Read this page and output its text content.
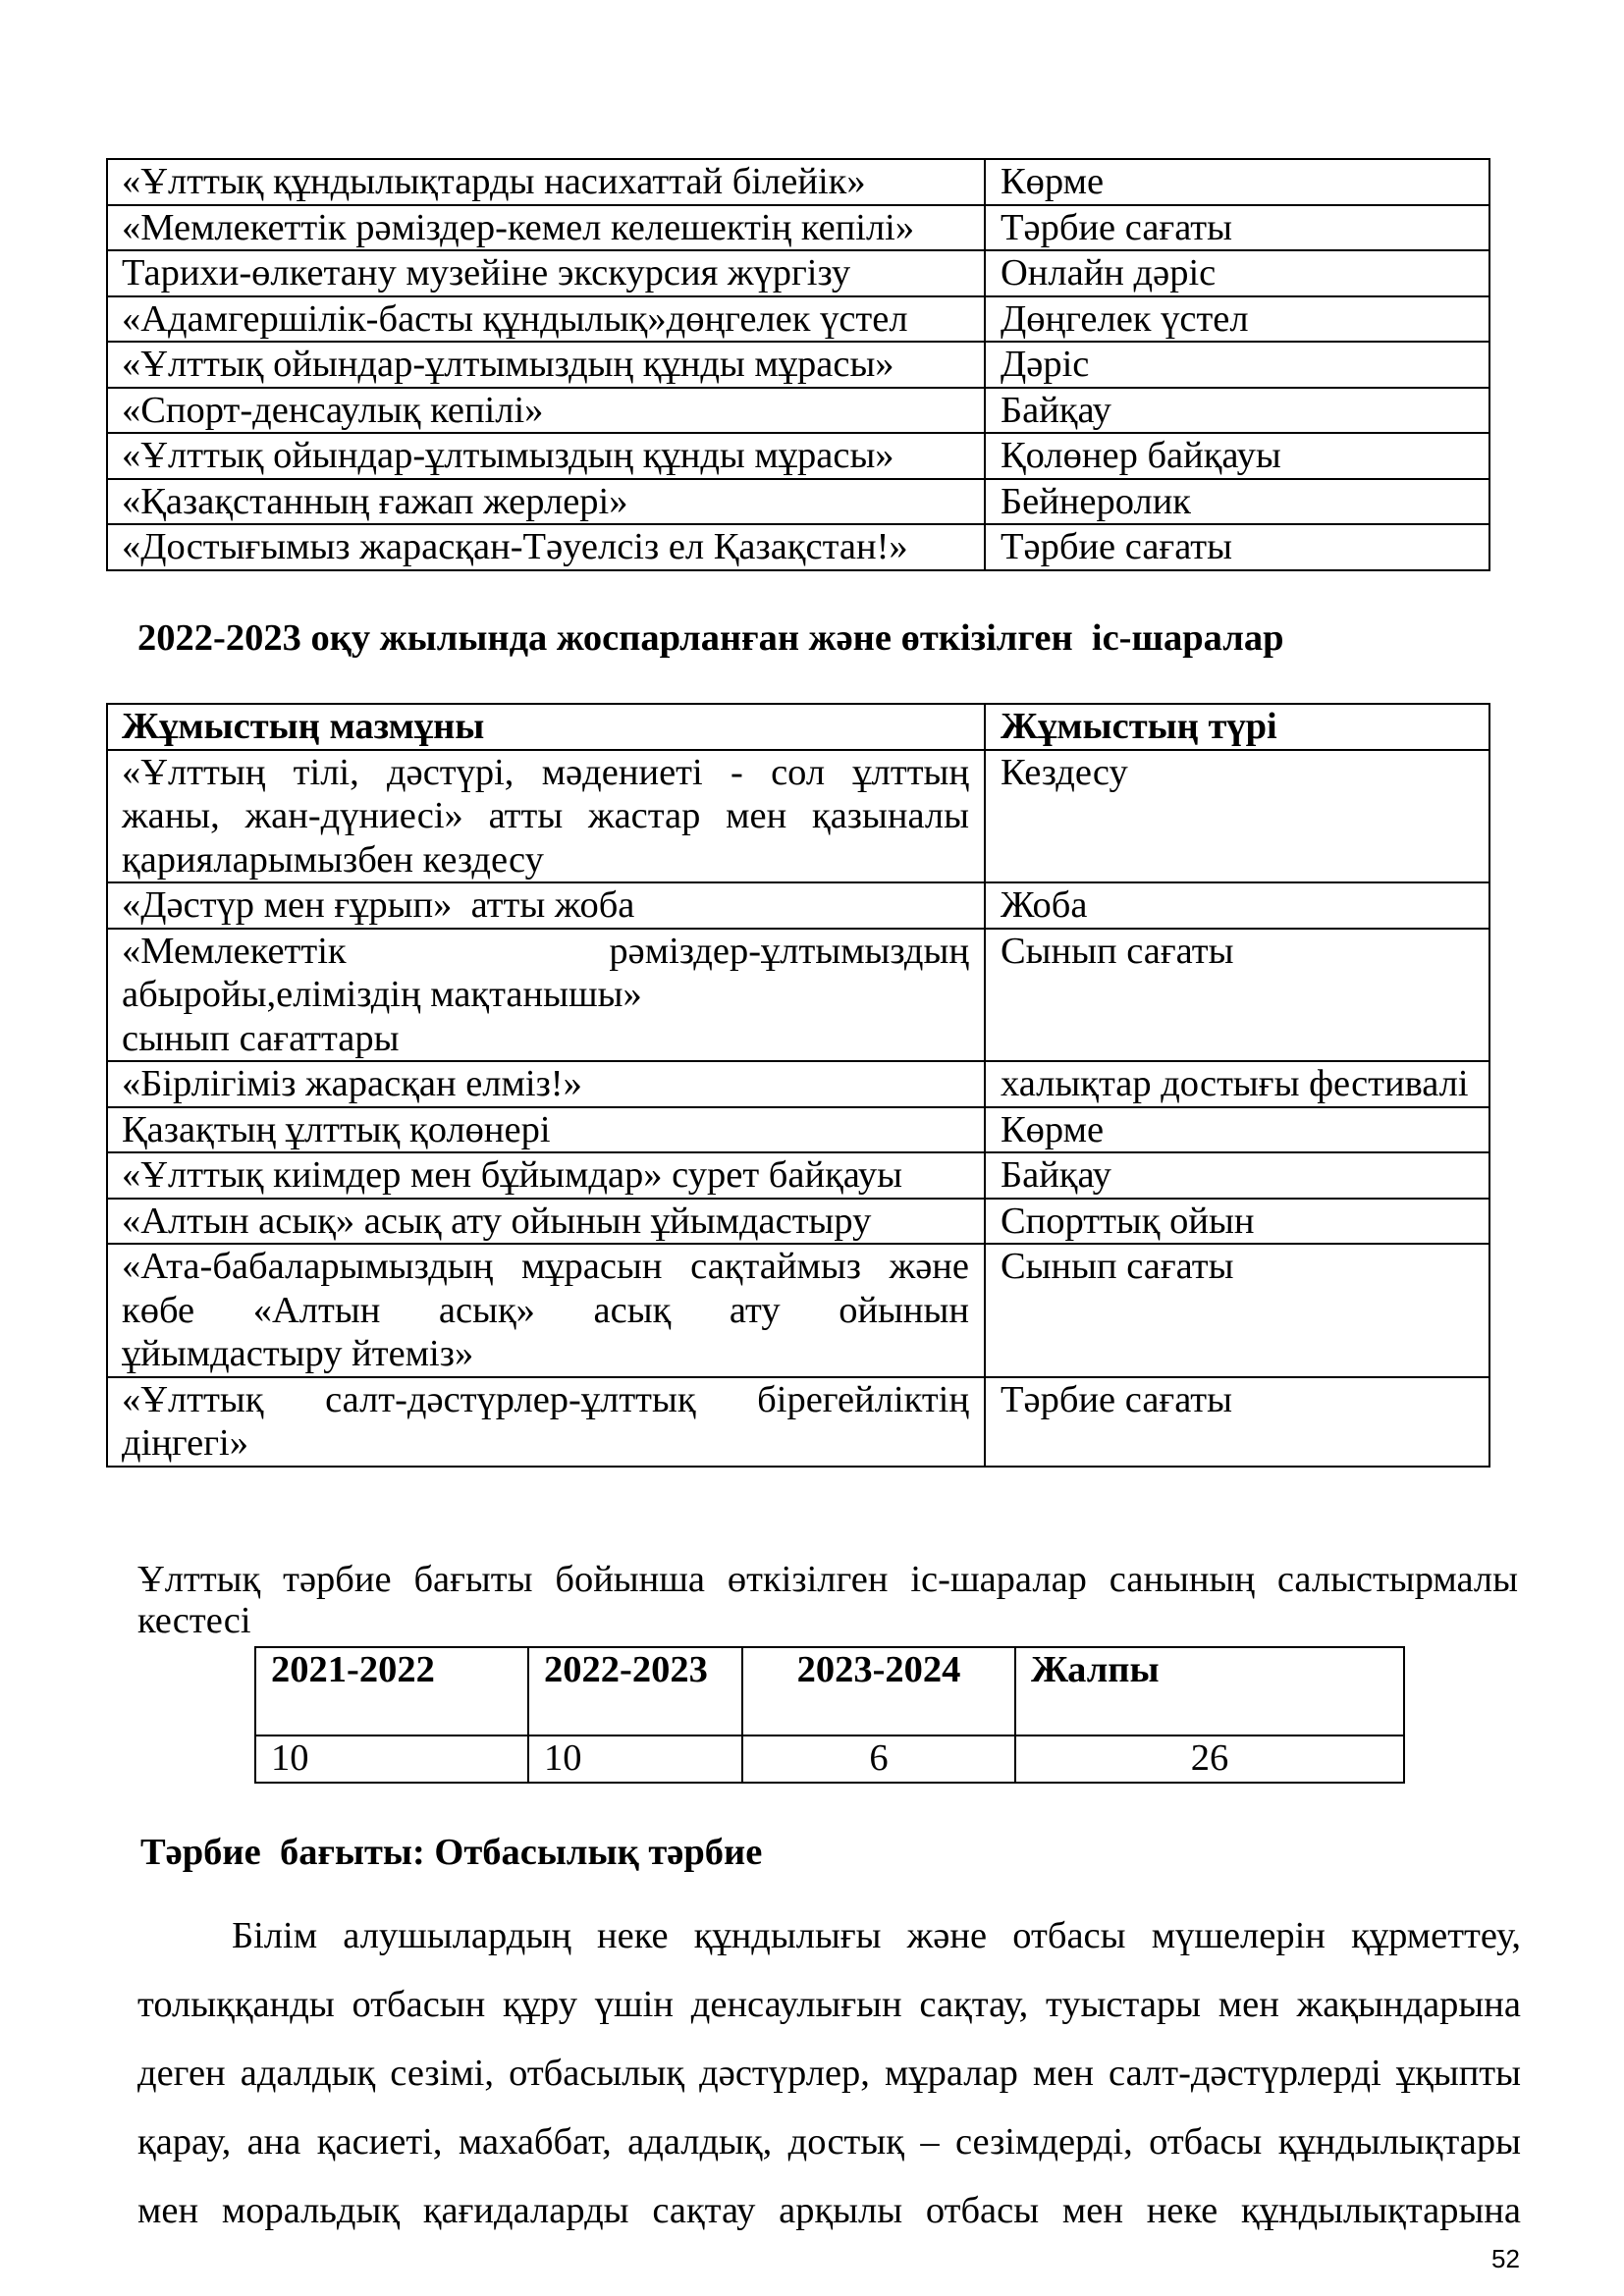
«Ұлттық құндылықтарды насихаттай білейік»	Көрме

«Мемлекеттік рәміздер-кемел келешектің кепілі»	Тәрбие сағаты

Тарихи-өлкетану музейіне экскурсия жүргізу	Онлайн дәріс

«Адамгершілік-басты құндылық»дөңгелек үстел	Дөңгелек үстел

«Ұлттық ойындар-ұлтымыздың құнды мұрасы»	Дәріс

«Спорт-денсаулық кепілі»	Байқау

«Ұлттық ойындар-ұлтымыздың құнды мұрасы»	Қолөнер байқауы

«Қазақстанның ғажап жерлері»	Бейнеролик

«Достығымыз жарасқан-Тәуелсіз ел Қазақстан!»	Тәрбие сағаты
2022-2023 оқу жылында жоспарланған және өткізілген  іс-шаралар
Жұмыстың мазмұны	Жұмыстың түрі

«Ұлттың тілі, дәстүрі, мәдениеті - сол ұлттың
жаны, жан-дүниесі» атты жастар мен қазыналы
қарияларымызбен кездесу	Кездесу

«Дәстүр мен ғұрып»  атты жоба	Жоба

«Мемлекеттік рәміздер-ұлтымыздың
абыройы,еліміздің мақтанышы»
сынып сағаттары	Сынып сағаты

«Бірлігіміз жарасқан елміз!»	халықтар достығы фестивалі

Қазақтың ұлттық қолөнері	Көрме

«Ұлттық киімдер мен бұйымдар» сурет байқауы	Байқау

«Алтын асық» асық ату ойынын ұйымдастыру	Спорттық ойын

«Ата-бабаларымыздың мұрасын сақтаймыз және
көбе «Алтын асық» асық ату ойынын
ұйымдастыру йтеміз»	Сынып сағаты

«Ұлттық салт-дәстүрлер-ұлттық бірегейліктің
діңгегі»	Тәрбие сағаты
Ұлттық тәрбие бағыты бойынша өткізілген іс-шаралар санының салыстырмалы
кестесі
2021-2022	2022-2023	2023-2024	Жалпы
10	10	6	26
Тәрбие  бағыты: Отбасылық тәрбие
Білім алушылардың неке құндылығы және отбасы мүшелерін құрметтеу,
толыққанды отбасын құру үшін денсаулығын сақтау, туыстары мен жақындарына
деген адалдық сезімі, отбасылық дәстүрлер, мұралар мен салт-дәстүрлерді ұқыпты
қарау, ана қасиеті, махаббат, адалдық, достық – сезімдерді, отбасы құндылықтары
мен моральдық қағидаларды сақтау арқылы отбасы мен неке құндылықтарына
52
